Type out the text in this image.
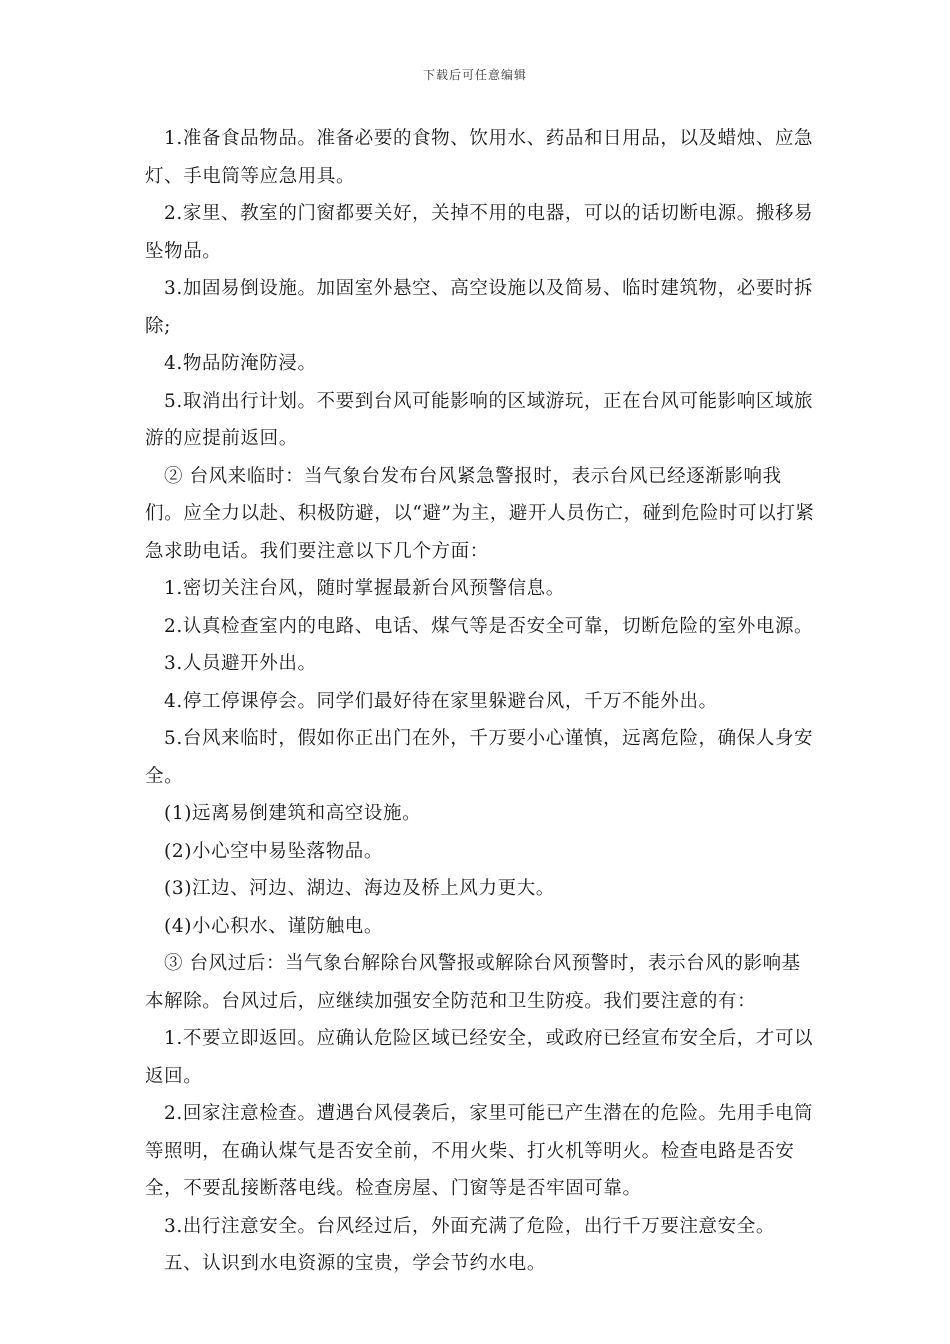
下载后可任意编辑

1.准备食品物品。准备必要的食物、饮用水、药品和日用品，以及蜡烛、应急灯、手电筒等应急用具。

2.家里、教室的门窗都要关好，关掉不用的电器，可以的话切断电源。搬移易坠物品。

3.加固易倒设施。加固室外悬空、高空设施以及简易、临时建筑物，必要时拆除;

4.物品防淹防浸。

5.取消出行计划。不要到台风可能影响的区域游玩，正在台风可能影响区域旅游的应提前返回。

② 台风来临时：当气象台发布台风紧急警报时，表示台风已经逐渐影响我们。应全力以赴、积极防避，以“避”为主，避开人员伤亡，碰到危险时可以打紧急求助电话。我们要注意以下几个方面：

1.密切关注台风，随时掌握最新台风预警信息。

2.认真检查室内的电路、电话、煤气等是否安全可靠，切断危险的室外电源。

3.人员避开外出。

4.停工停课停会。同学们最好待在家里躲避台风，千万不能外出。

5.台风来临时，假如你正出门在外，千万要小心谨慎，远离危险，确保人身安全。

(1)远离易倒建筑和高空设施。

(2)小心空中易坠落物品。

(3)江边、河边、湖边、海边及桥上风力更大。

(4)小心积水、谨防触电。

③ 台风过后：当气象台解除台风警报或解除台风预警时，表示台风的影响基本解除。台风过后，应继续加强安全防范和卫生防疫。我们要注意的有：

1.不要立即返回。应确认危险区域已经安全，或政府已经宣布安全后，才可以返回。

2.回家注意检查。遭遇台风侵袭后，家里可能已产生潜在的危险。先用手电筒等照明，在确认煤气是否安全前，不用火柴、打火机等明火。检查电路是否安全，不要乱接断落电线。检查房屋、门窗等是否牢固可靠。

3.出行注意安全。台风经过后，外面充满了危险，出行千万要注意安全。

五、认识到水电资源的宝贵，学会节约水电。
